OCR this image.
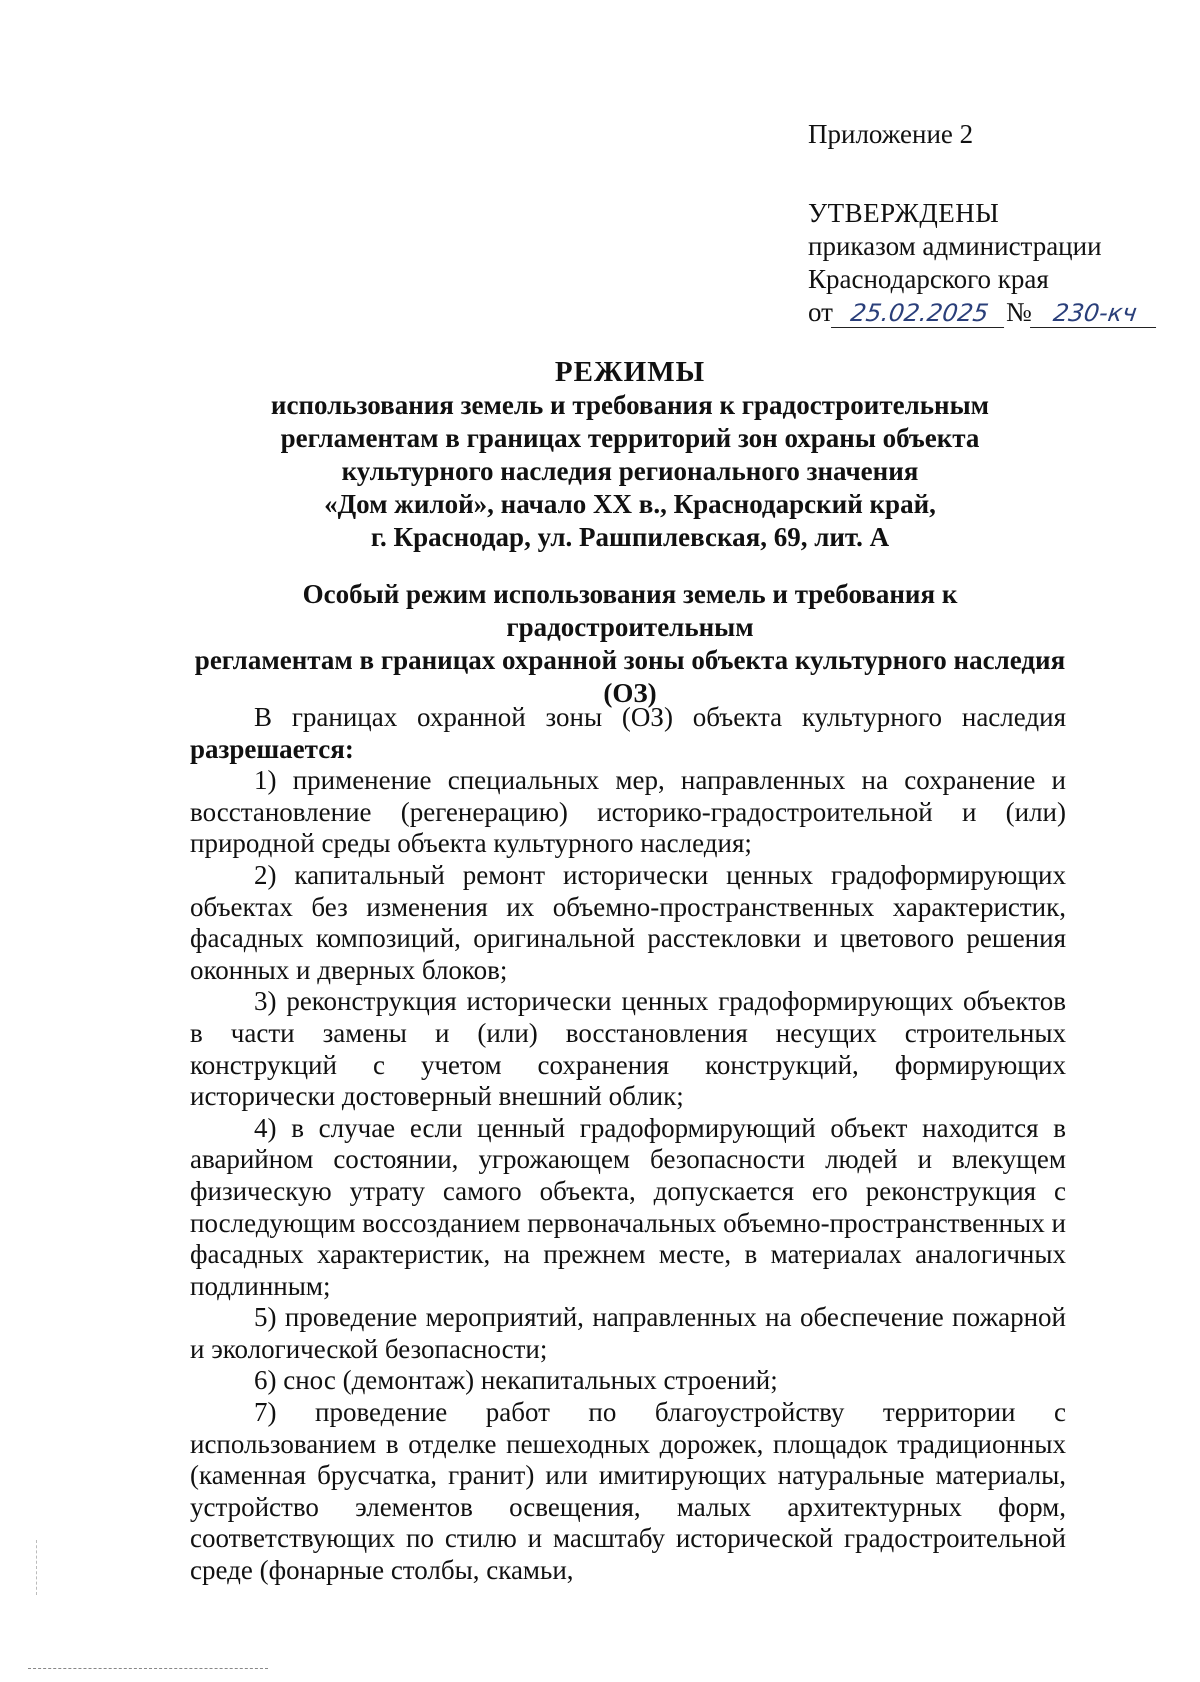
Приложение 2
УТВЕРЖДЕНЫ
приказом администрации
Краснодарского края
от 25.02.2025 № 230-кч
РЕЖИМЫ
использования земель и требования к градостроительным
регламентам в границах территорий зон охраны объекта
культурного наследия регионального значения
«Дом жилой», начало XX в., Краснодарский край,
г. Краснодар, ул. Рашпилевская, 69, лит. А
Особый режим использования земель и требования к градостроительным
регламентам в границах охранной зоны объекта культурного наследия
(ОЗ)

В границах охранной зоны (ОЗ) объекта культурного наследия разрешается:

1) применение специальных мер, направленных на сохранение и восстановление (регенерацию) историко-градостроительной и (или) природной среды объекта культурного наследия;

2) капитальный ремонт исторически ценных градоформирующих объектах без изменения их объемно-пространственных характеристик, фасадных композиций, оригинальной расстекловки и цветового решения оконных и дверных блоков;

3) реконструкция исторически ценных градоформирующих объектов в части замены и (или) восстановления несущих строительных конструкций с учетом сохранения конструкций, формирующих исторически достоверный внешний облик;

4) в случае если ценный градоформирующий объект находится в аварийном состоянии, угрожающем безопасности людей и влекущем физическую утрату самого объекта, допускается его реконструкция с последующим воссозданием первоначальных объемно-пространственных и фасадных характеристик, на прежнем месте, в материалах аналогичных подлинным;

5) проведение мероприятий, направленных на обеспечение пожарной и экологической безопасности;

6) снос (демонтаж) некапитальных строений;

7) проведение работ по благоустройству территории с использованием в отделке пешеходных дорожек, площадок традиционных (каменная брусчатка, гранит) или имитирующих натуральные материалы, устройство элементов освещения, малых архитектурных форм, соответствующих по стилю и масштабу исторической градостроительной среде (фонарные столбы, скамьи,
